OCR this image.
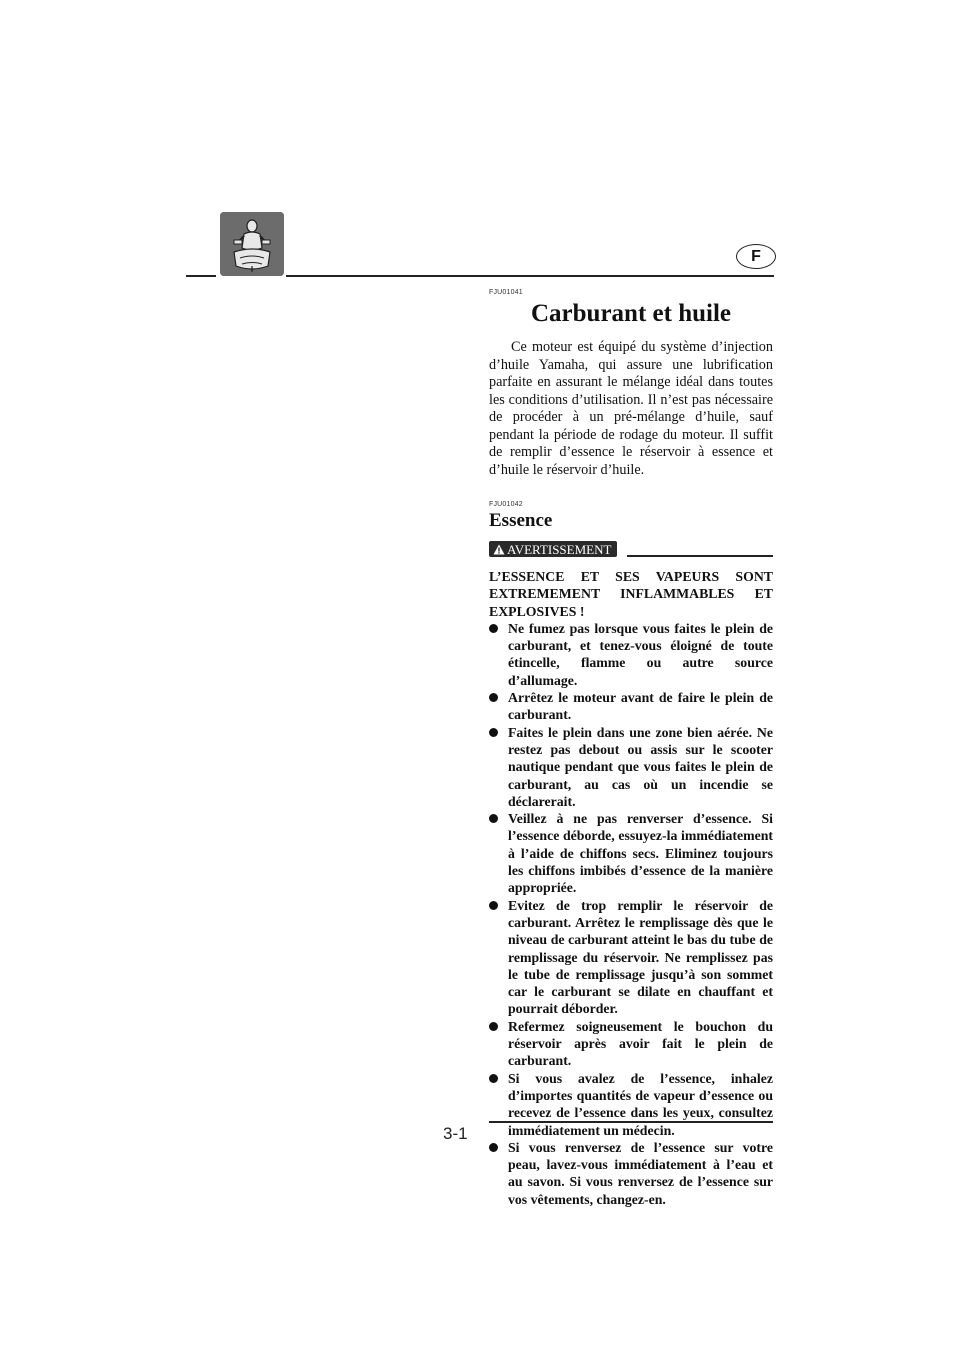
F

FJU01041

Carburant et huile

Ce moteur est équipé du système d’injection d’huile Yamaha, qui assure une lubrification parfaite en assurant le mélange idéal dans toutes les conditions d’utilisation. Il n’est pas nécessaire de procéder à un pré-mélange d’huile, sauf pendant la période de rodage du moteur. Il suffit de remplir d’essence le réservoir à essence et d’huile le réservoir d’huile.

FJU01042

Essence
AVERTISSEMENT

L’ESSENCE ET SES VAPEURS SONT EXTREMEMENT INFLAMMABLES ET EXPLOSIVES !

Ne fumez pas lorsque vous faites le plein de carburant, et tenez-vous éloigné de toute étincelle, flamme ou autre source d’allumage.
Arrêtez le moteur avant de faire le plein de carburant.
Faites le plein dans une zone bien aérée. Ne restez pas debout ou assis sur le scooter nautique pendant que vous faites le plein de carburant, au cas où un incendie se déclarerait.
Veillez à ne pas renverser d’essence. Si l’essence déborde, essuyez-la immédiatement à l’aide de chiffons secs. Eliminez toujours les chiffons imbibés d’essence de la manière appropriée.
Evitez de trop remplir le réservoir de carburant. Arrêtez le remplissage dès que le niveau de carburant atteint le bas du tube de remplissage du réservoir. Ne remplissez pas le tube de remplissage jusqu’à son sommet car le carburant se dilate en chauffant et pourrait déborder.
Refermez soigneusement le bouchon du réservoir après avoir fait le plein de carburant.
Si vous avalez de l’essence, inhalez d’importes quantités de vapeur d’essence ou recevez de l’essence dans les yeux, consultez immédiatement un médecin.
Si vous renversez de l’essence sur votre peau, lavez-vous immédiatement à l’eau et au savon. Si vous renversez de l’essence sur vos vêtements, changez-en.
3-1
